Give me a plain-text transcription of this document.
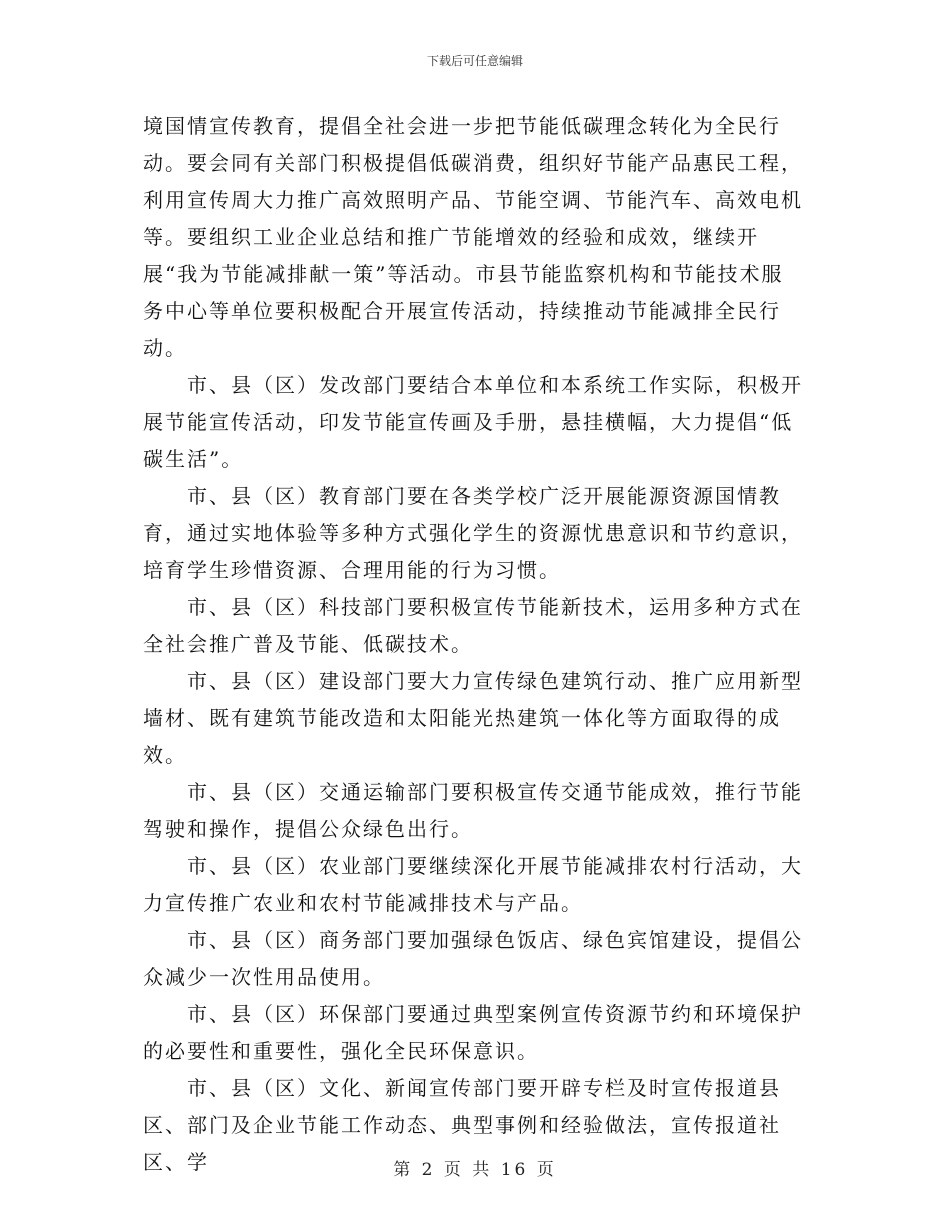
下载后可任意编辑

境国情宣传教育，提倡全社会进一步把节能低碳理念转化为全民行动。要会同有关部门积极提倡低碳消费，组织好节能产品惠民工程，利用宣传周大力推广高效照明产品、节能空调、节能汽车、高效电机等。要组织工业企业总结和推广节能增效的经验和成效，继续开展“我为节能减排献一策”等活动。市县节能监察机构和节能技术服务中心等单位要积极配合开展宣传活动，持续推动节能减排全民行动。

市、县（区）发改部门要结合本单位和本系统工作实际，积极开展节能宣传活动，印发节能宣传画及手册，悬挂横幅，大力提倡“低碳生活”。

市、县（区）教育部门要在各类学校广泛开展能源资源国情教育，通过实地体验等多种方式强化学生的资源忧患意识和节约意识，培育学生珍惜资源、合理用能的行为习惯。

市、县（区）科技部门要积极宣传节能新技术，运用多种方式在全社会推广普及节能、低碳技术。

市、县（区）建设部门要大力宣传绿色建筑行动、推广应用新型墙材、既有建筑节能改造和太阳能光热建筑一体化等方面取得的成效。

市、县（区）交通运输部门要积极宣传交通节能成效，推行节能驾驶和操作，提倡公众绿色出行。

市、县（区）农业部门要继续深化开展节能减排农村行活动，大力宣传推广农业和农村节能减排技术与产品。

市、县（区）商务部门要加强绿色饭店、绿色宾馆建设，提倡公众减少一次性用品使用。

市、县（区）环保部门要通过典型案例宣传资源节约和环境保护的必要性和重要性，强化全民环保意识。

市、县（区）文化、新闻宣传部门要开辟专栏及时宣传报道县区、部门及企业节能工作动态、典型事例和经验做法，宣传报道社区、学	第 2 页 共 16 页
